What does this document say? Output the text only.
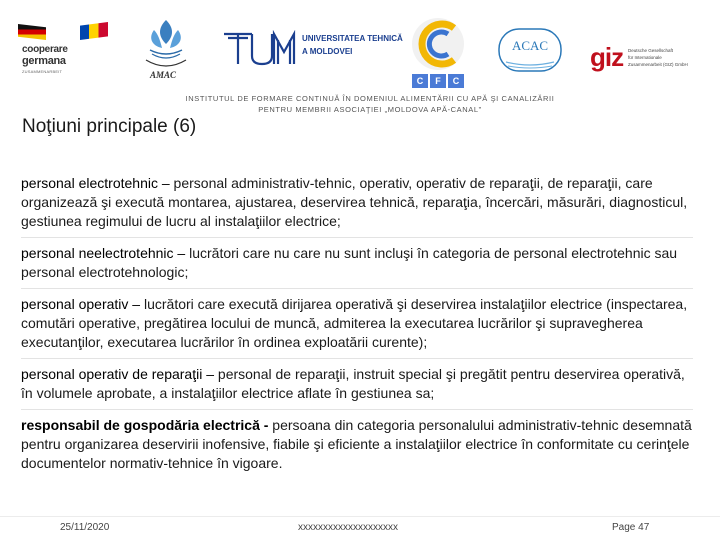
cooperare
germana
ZUSAMMENARBEIT	AMAC
UNIVERSITATEA TEHNICĂ
A MOLDOVEI
C	F	C
ACAC	giz Deutsche Gesellschaft
für Internationale
Zusammenarbeit (GIZ) GmbH
INSTITUTUL DE FORMARE CONTINUĂ ÎN DOMENIUL ALIMENTĂRII CU APĂ ŞI CANALIZĂRII
PENTRU MEMBRII ASOCIAŢIEI „MOLDOVA APĂ-CANAL”
Noţiuni principale (6)

personal electrotehnic – personal administrativ-tehnic, operativ, operativ de reparaţii, de reparaţii, care organizează şi execută montarea, ajustarea, deservirea tehnică, reparaţia, încercări, măsurări, diagnosticul, gestiunea regimului de lucru al instalaţiilor electrice;

personal neelectrotehnic – lucrători care nu care nu sunt incluşi în categoria de personal electrotehnic sau personal electrotehnologic;

personal operativ – lucrători care execută dirijarea operativă şi deservirea instalaţiilor electrice (inspectarea, comutări operative, pregătirea locului de muncă, admiterea la executarea lucrărilor şi supravegherea executanţilor, executarea lucrărilor în ordinea exploatării curente);

personal operativ de reparaţii – personal de reparaţii, instruit special şi pregătit pentru deservirea operativă, în volumele aprobate, a instalaţiilor electrice aflate în gestiunea sa;

responsabil de gospodăria electrică - persoana din categoria personalului administrativ-tehnic desemnată pentru organizarea deservirii inofensive, fiabile şi eficiente a instalaţiilor electrice în conformitate cu cerinţele documentelor normativ-tehnice în vigoare.

25/11/2020	xxxxxxxxxxxxxxxxxxxx	Page 47
